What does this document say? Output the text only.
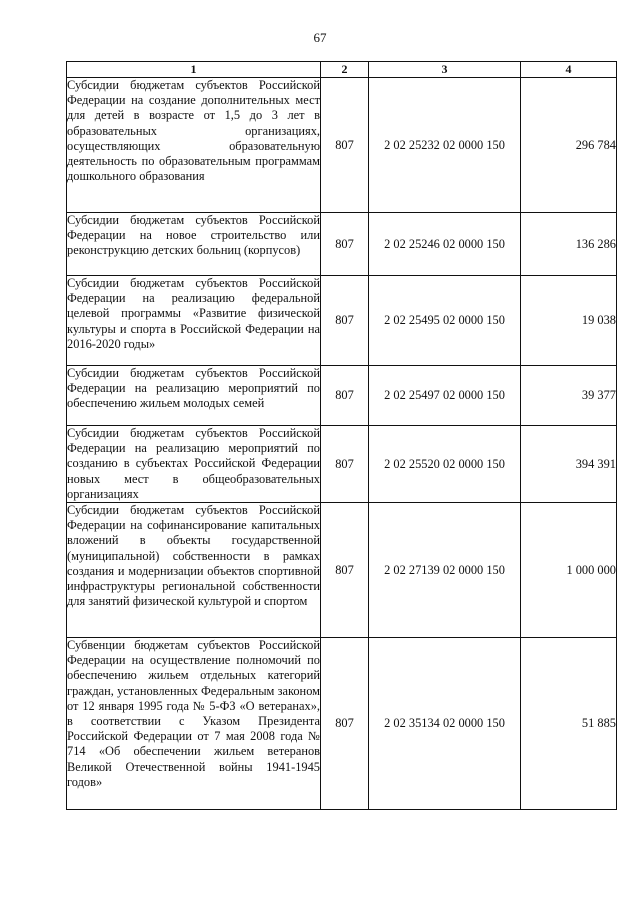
67
1	2	3	4
Субсидии бюджетам субъектов Российской Федерации на создание дополнительных мест для детей в возрасте от 1,5 до 3 лет в образовательных организациях, осуществляющих образовательную деятельность по образовательным программам дошкольного образования	807	2 02 25232 02 0000 150	296 784
Субсидии бюджетам субъектов Российской Федерации на новое строительство или реконструкцию детских больниц (корпусов)	807	2 02 25246 02 0000 150	136 286
Субсидии бюджетам субъектов Российской Федерации на реализацию федеральной целевой программы «Развитие физической культуры и спорта в Российской Федерации на 2016-2020 годы»	807	2 02 25495 02 0000 150	19 038
Субсидии бюджетам субъектов Российской Федерации на реализацию мероприятий по обеспечению жильем молодых семей	807	2 02 25497 02 0000 150	39 377
Субсидии бюджетам субъектов Российской Федерации на реализацию мероприятий по созданию в субъектах Российской Федерации новых мест в общеобразовательных организациях	807	2 02 25520 02 0000 150	394 391
Субсидии бюджетам субъектов Российской Федерации на софинансирование капитальных вложений в объекты государственной (муниципальной) собственности в рамках создания и модернизации объектов спортивной инфраструктуры региональной собственности для занятий физической культурой и спортом	807	2 02 27139 02 0000 150	1 000 000
Субвенции бюджетам субъектов Российской Федерации на осуществление полномочий по обеспечению жильем отдельных категорий граждан, установленных Федеральным законом от 12 января 1995 года № 5-ФЗ «О ветеранах», в соответствии с Указом Президента Российской Федерации от 7 мая 2008 года № 714 «Об обеспечении жильем ветеранов Великой Отечественной войны 1941-1945 годов»	807	2 02 35134 02 0000 150	51 885
